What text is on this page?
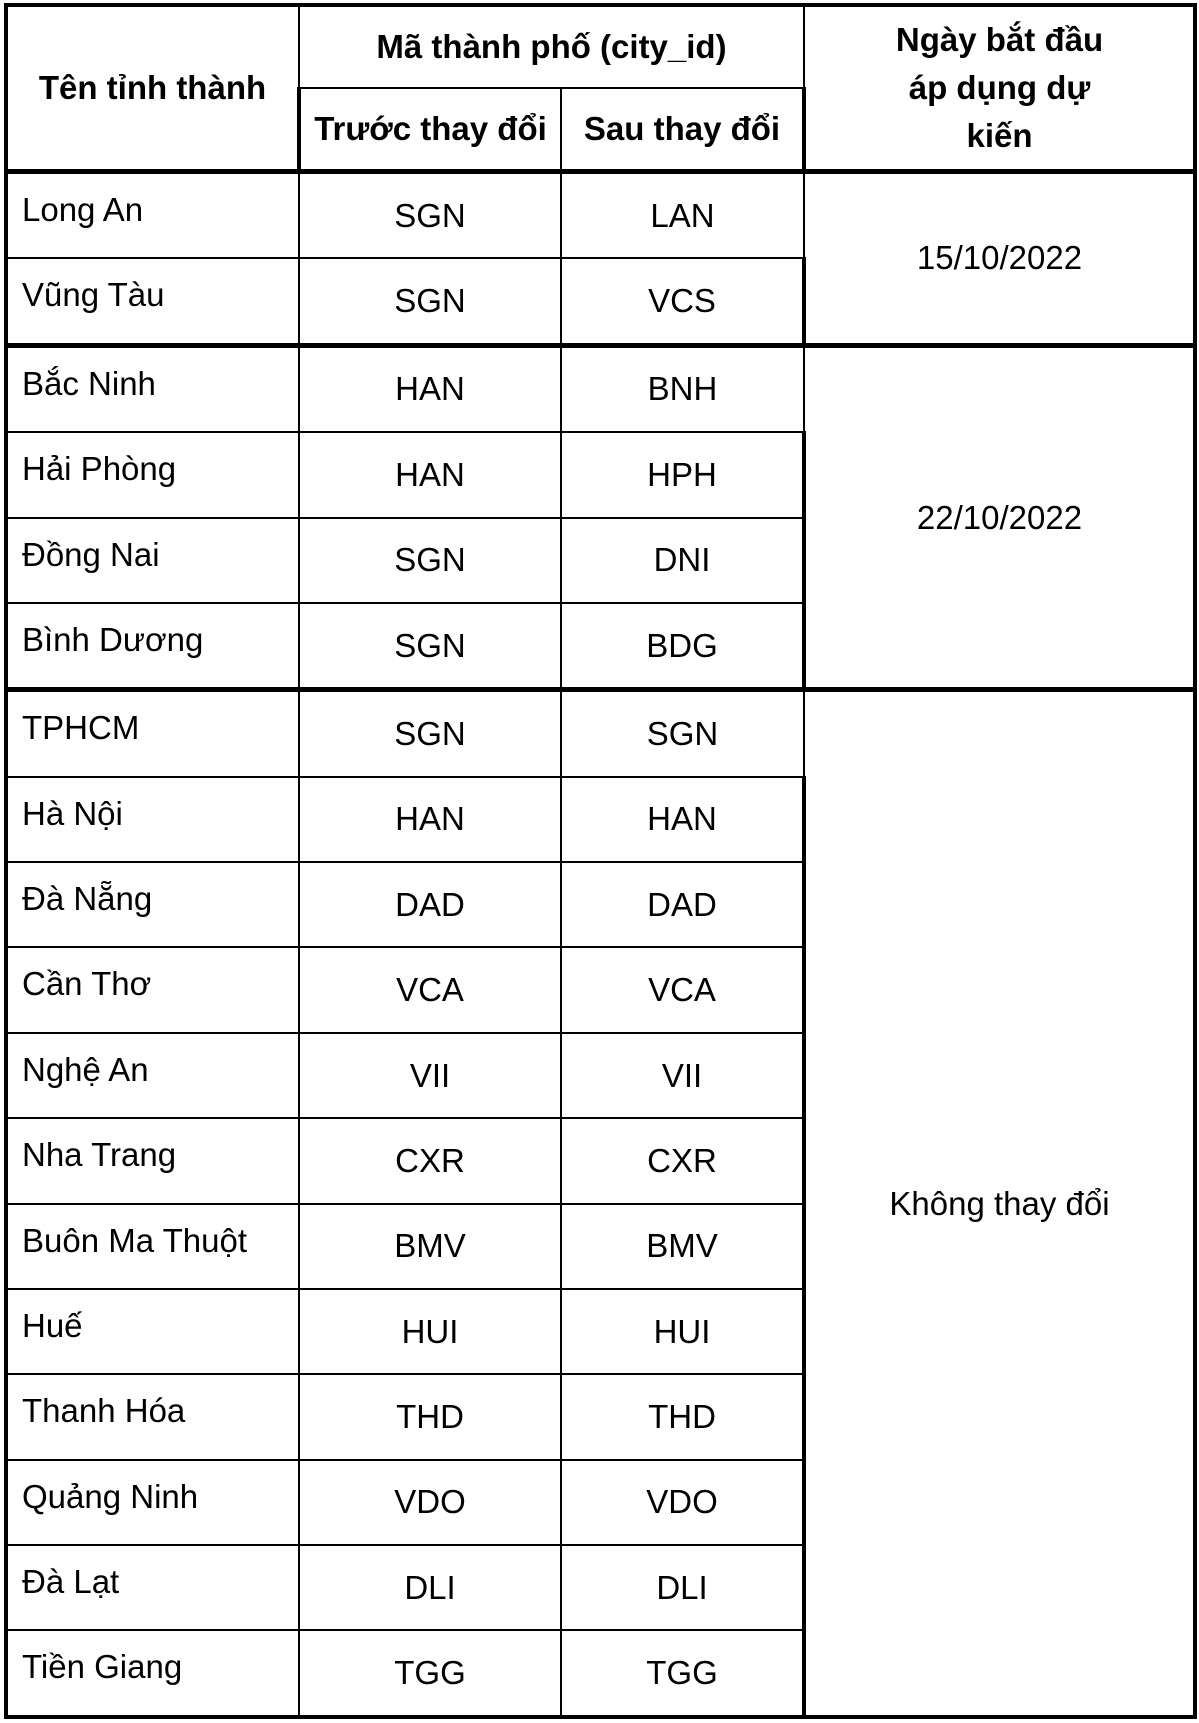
Tên tỉnh thành	Mã thành phố (city_id)		Ngày bắt đầu áp dụng dự kiến
	Trước thay đổi	Sau thay đổi	
Long An	SGN	LAN	15/10/2022
Vũng Tàu	SGN	VCS	
Bắc Ninh	HAN	BNH	22/10/2022
Hải Phòng	HAN	HPH	
Đồng Nai	SGN	DNI	
Bình Dương	SGN	BDG	
TPHCM	SGN	SGN	Không thay đổi
Hà Nội	HAN	HAN	
Đà Nẵng	DAD	DAD	
Cần Thơ	VCA	VCA	
Nghệ An	VII	VII	
Nha Trang	CXR	CXR	
Buôn Ma Thuột	BMV	BMV	
Huế	HUI	HUI	
Thanh Hóa	THD	THD	
Quảng Ninh	VDO	VDO	
Đà Lạt	DLI	DLI	
Tiền Giang	TGG	TGG	
